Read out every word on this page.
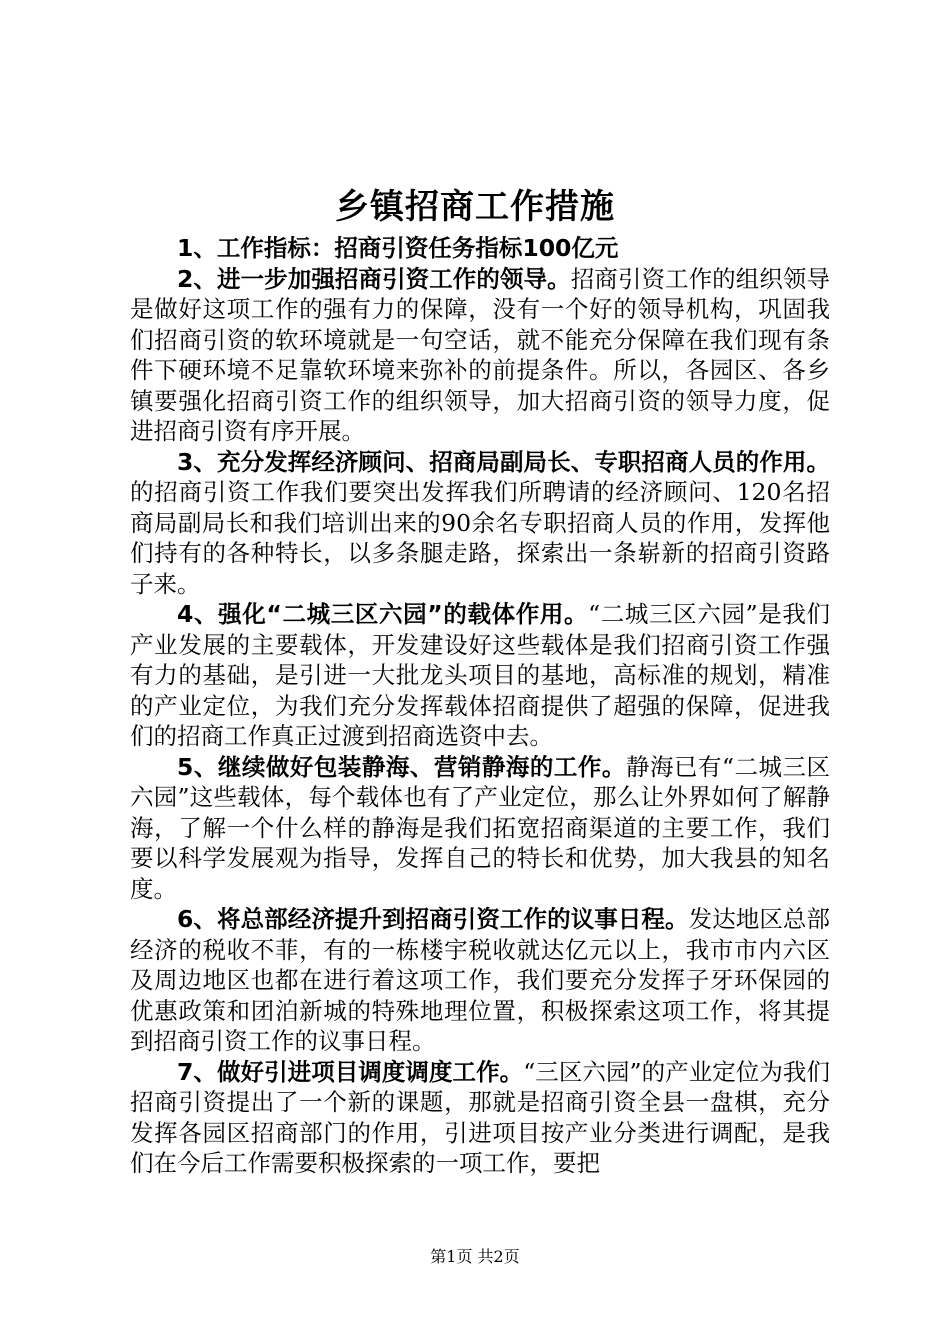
乡镇招商工作措施

1、工作指标：招商引资任务指标100亿元

2、进一步加强招商引资工作的领导。招商引资工作的组织领导是做好这项工作的强有力的保障，没有一个好的领导机构，巩固我们招商引资的软环境就是一句空话，就不能充分保障在我们现有条件下硬环境不足靠软环境来弥补的前提条件。所以，各园区、各乡镇要强化招商引资工作的组织领导，加大招商引资的领导力度，促进招商引资有序开展。

3、充分发挥经济顾问、招商局副局长、专职招商人员的作用。的招商引资工作我们要突出发挥我们所聘请的经济顾问、120名招商局副局长和我们培训出来的90余名专职招商人员的作用，发挥他们持有的各种特长，以多条腿走路，探索出一条崭新的招商引资路子来。

4、强化“二城三区六园”的载体作用。“二城三区六园”是我们产业发展的主要载体，开发建设好这些载体是我们招商引资工作强有力的基础，是引进一大批龙头项目的基地，高标准的规划，精准的产业定位，为我们充分发挥载体招商提供了超强的保障，促进我们的招商工作真正过渡到招商选资中去。

5、继续做好包装静海、营销静海的工作。静海已有“二城三区六园”这些载体，每个载体也有了产业定位，那么让外界如何了解静海，了解一个什么样的静海是我们拓宽招商渠道的主要工作，我们要以科学发展观为指导，发挥自己的特长和优势，加大我县的知名度。

6、将总部经济提升到招商引资工作的议事日程。发达地区总部经济的税收不菲，有的一栋楼宇税收就达亿元以上，我市市内六区及周边地区也都在进行着这项工作，我们要充分发挥子牙环保园的优惠政策和团泊新城的特殊地理位置，积极探索这项工作，将其提到招商引资工作的议事日程。

7、做好引进项目调度调度工作。“三区六园”的产业定位为我们招商引资提出了一个新的课题，那就是招商引资全县一盘棋，充分发挥各园区招商部门的作用，引进项目按产业分类进行调配，是我们在今后工作需要积极探索的一项工作，要把

第1页 共2页
